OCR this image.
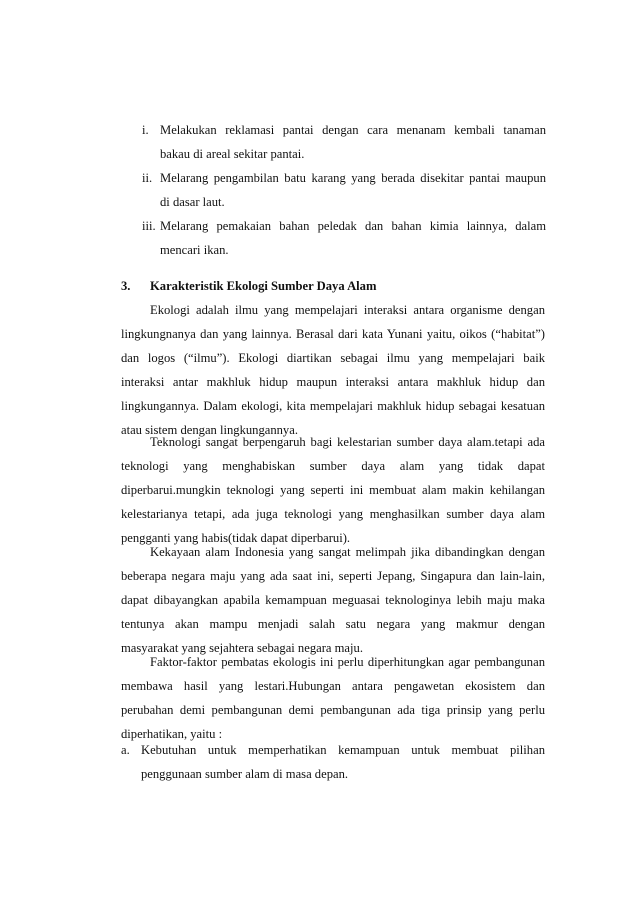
i. Melakukan reklamasi pantai dengan cara menanam kembali tanaman
bakau di areal sekitar pantai.
ii. Melarang pengambilan batu karang yang berada disekitar pantai maupun
di dasar laut.
iii. Melarang pemakaian bahan peledak dan bahan kimia lainnya, dalam
mencari ikan.
3. Karakteristik Ekologi Sumber Daya Alam
Ekologi adalah ilmu yang mempelajari interaksi antara organisme dengan
lingkungnanya dan yang lainnya. Berasal dari kata Yunani yaitu, oikos (“habitat”)
dan logos (“ilmu”). Ekologi diartikan sebagai ilmu yang mempelajari baik
interaksi antar makhluk hidup maupun interaksi antara makhluk hidup dan
lingkungannya. Dalam ekologi, kita mempelajari makhluk hidup sebagai kesatuan
atau sistem dengan lingkungannya.
Teknologi sangat berpengaruh bagi kelestarian sumber daya alam.tetapi ada
teknologi yang menghabiskan sumber daya alam yang tidak dapat
diperbarui.mungkin teknologi yang seperti ini membuat alam makin kehilangan
kelestarianya tetapi, ada juga teknologi yang menghasilkan sumber daya alam
pengganti yang habis(tidak dapat diperbarui).
Kekayaan alam Indonesia yang sangat melimpah jika dibandingkan dengan
beberapa negara maju yang ada saat ini, seperti Jepang, Singapura dan lain-lain,
dapat dibayangkan apabila kemampuan meguasai teknologinya lebih maju maka
tentunya akan mampu menjadi salah satu negara yang makmur dengan
masyarakat yang sejahtera sebagai negara maju.
Faktor-faktor pembatas ekologis ini perlu diperhitungkan agar pembangunan
membawa hasil yang lestari.Hubungan antara pengawetan ekosistem dan
perubahan demi pembangunan demi pembangunan ada tiga prinsip yang perlu
diperhatikan, yaitu :
a. Kebutuhan untuk memperhatikan kemampuan untuk membuat pilihan
penggunaan sumber alam di masa depan.
